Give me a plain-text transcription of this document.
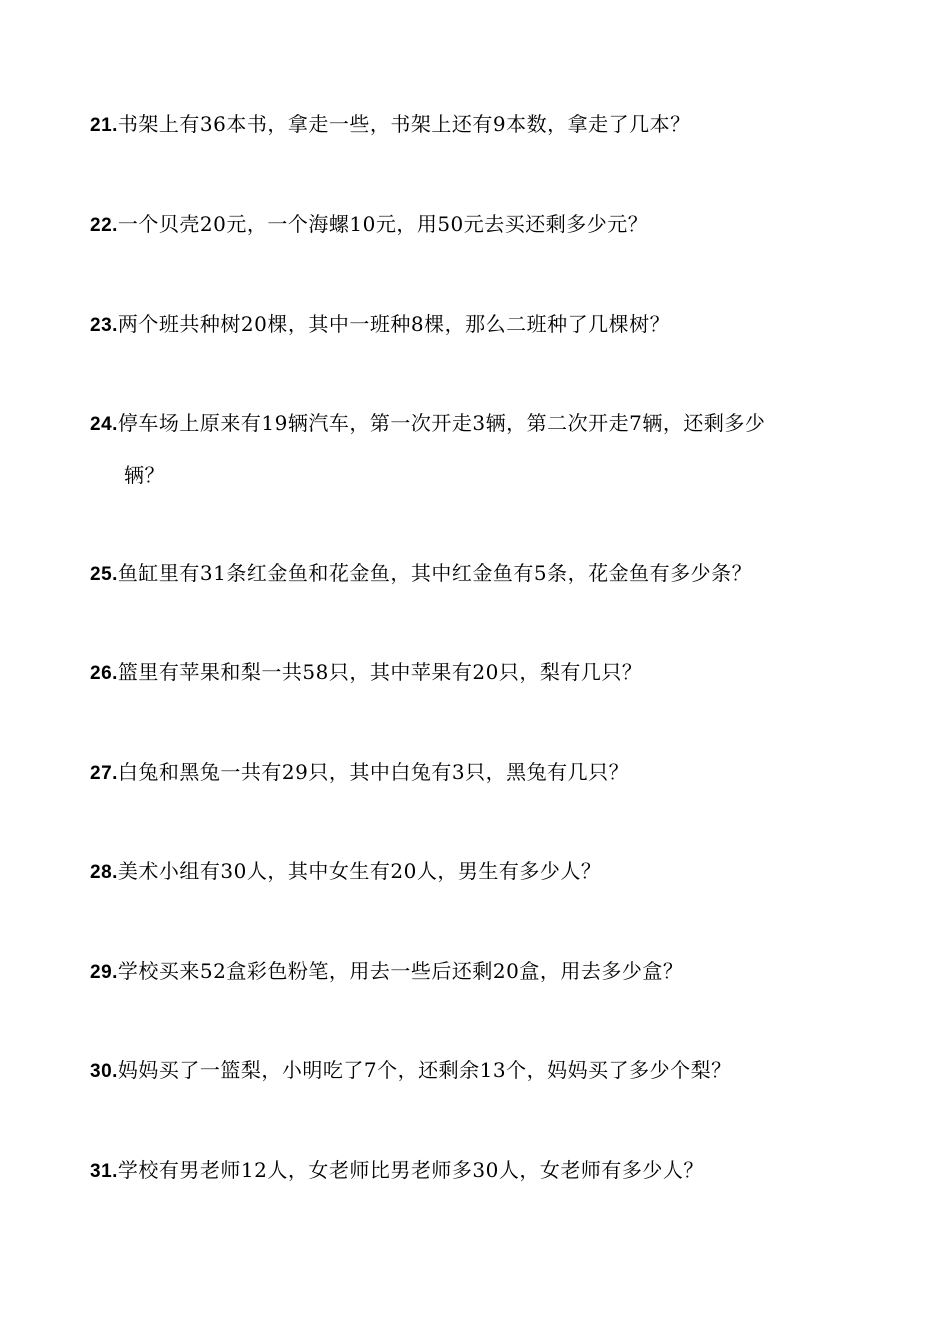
21.书架上有36本书，拿走一些，书架上还有9本数，拿走了几本？
22.一个贝壳20元，一个海螺10元，用50元去买还剩多少元？
23.两个班共种树20棵，其中一班种8棵，那么二班种了几棵树？
24.停车场上原来有19辆汽车，第一次开走3辆，第二次开走7辆，还剩多少
辆？
25.鱼缸里有31条红金鱼和花金鱼，其中红金鱼有5条，花金鱼有多少条？
26.篮里有苹果和梨一共58只，其中苹果有20只，梨有几只？
27.白兔和黑兔一共有29只，其中白兔有3只，黑兔有几只？
28.美术小组有30人，其中女生有20人，男生有多少人？
29.学校买来52盒彩色粉笔，用去一些后还剩20盒，用去多少盒？
30.妈妈买了一篮梨，小明吃了7个，还剩余13个，妈妈买了多少个梨？
31.学校有男老师12人，女老师比男老师多30人，女老师有多少人？
